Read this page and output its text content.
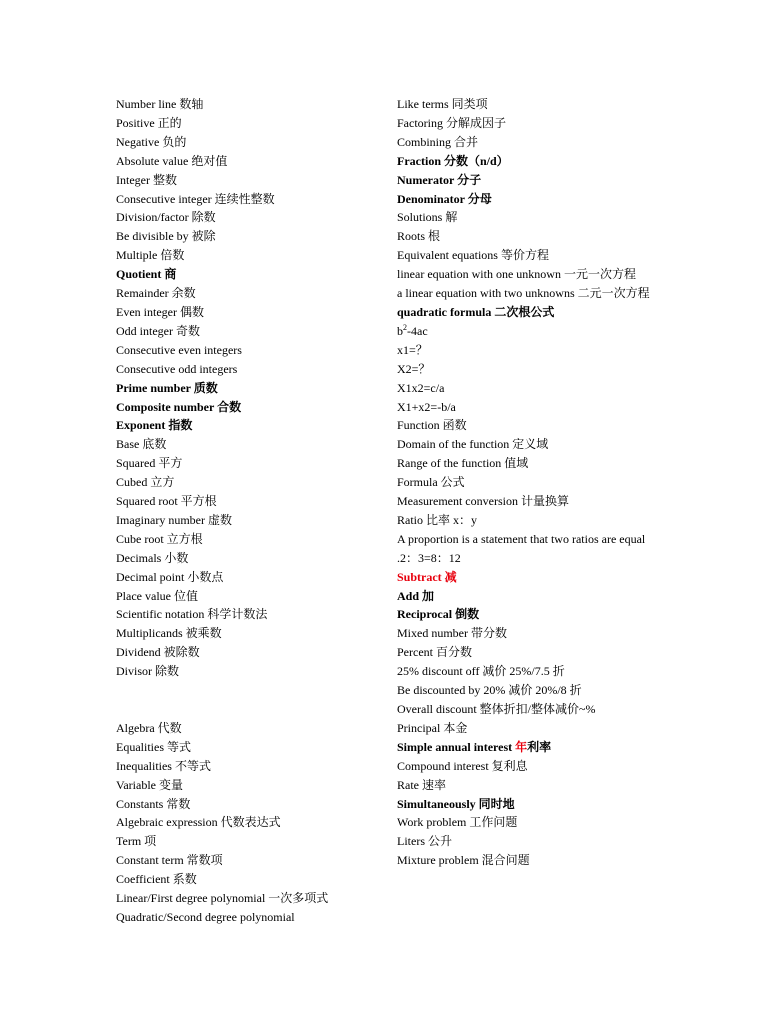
Number line 数轴
Positive 正的
Negative 负的
Absolute value 绝对值
Integer 整数
Consecutive integer 连续性整数
Division/factor 除数
Be divisible by 被除
Multiple 倍数
Quotient 商
Remainder 余数
Even integer 偶数
Odd integer 奇数
Consecutive even integers
Consecutive odd integers
Prime number 质数
Composite number 合数
Exponent 指数
Base 底数
Squared 平方
Cubed 立方
Squared root 平方根
Imaginary number 虚数
Cube root 立方根
Decimals 小数
Decimal point 小数点
Place value 位值
Scientific notation 科学计数法
Multiplicands 被乘数
Dividend 被除数
Divisor 除数
Algebra 代数
Equalities 等式
Inequalities 不等式
Variable 变量
Constants 常数
Algebraic expression 代数表达式
Term 项
Constant term 常数项
Coefficient 系数
Linear/First degree polynomial 一次多项式
Quadratic/Second degree polynomial
Like terms 同类项
Factoring 分解成因子
Combining 合并
Fraction 分数（n/d）
Numerator 分子
Denominator 分母
Solutions 解
Roots 根
Equivalent equations 等价方程
linear equation with one unknown 一元一次方程
a linear equation with two unknowns 二元一次方程
quadratic formula 二次根公式
$b^2-4ac$
x1=？
X2=？
X1x2=c/a
X1+x2=-b/a
Function 函数
Domain of the function 定义域
Range of the function 值域
Formula 公式
Measurement conversion 计量换算
Ratio 比率 x：y
A proportion is a statement that two ratios are equal .2：3=8：12
Subtract 减
Add 加
Reciprocal 倒数
Mixed number 带分数
Percent 百分数
25% discount off 减价 25%/7.5 折
Be discounted by 20% 减价 20%/8 折
Overall discount 整体折扣/整体减价~%
Principal 本金
Simple annual interest 年利率
Compound interest 复利息
Rate 速率
Simultaneously 同时地
Work problem 工作问题
Liters 公升
Mixture problem 混合问题
